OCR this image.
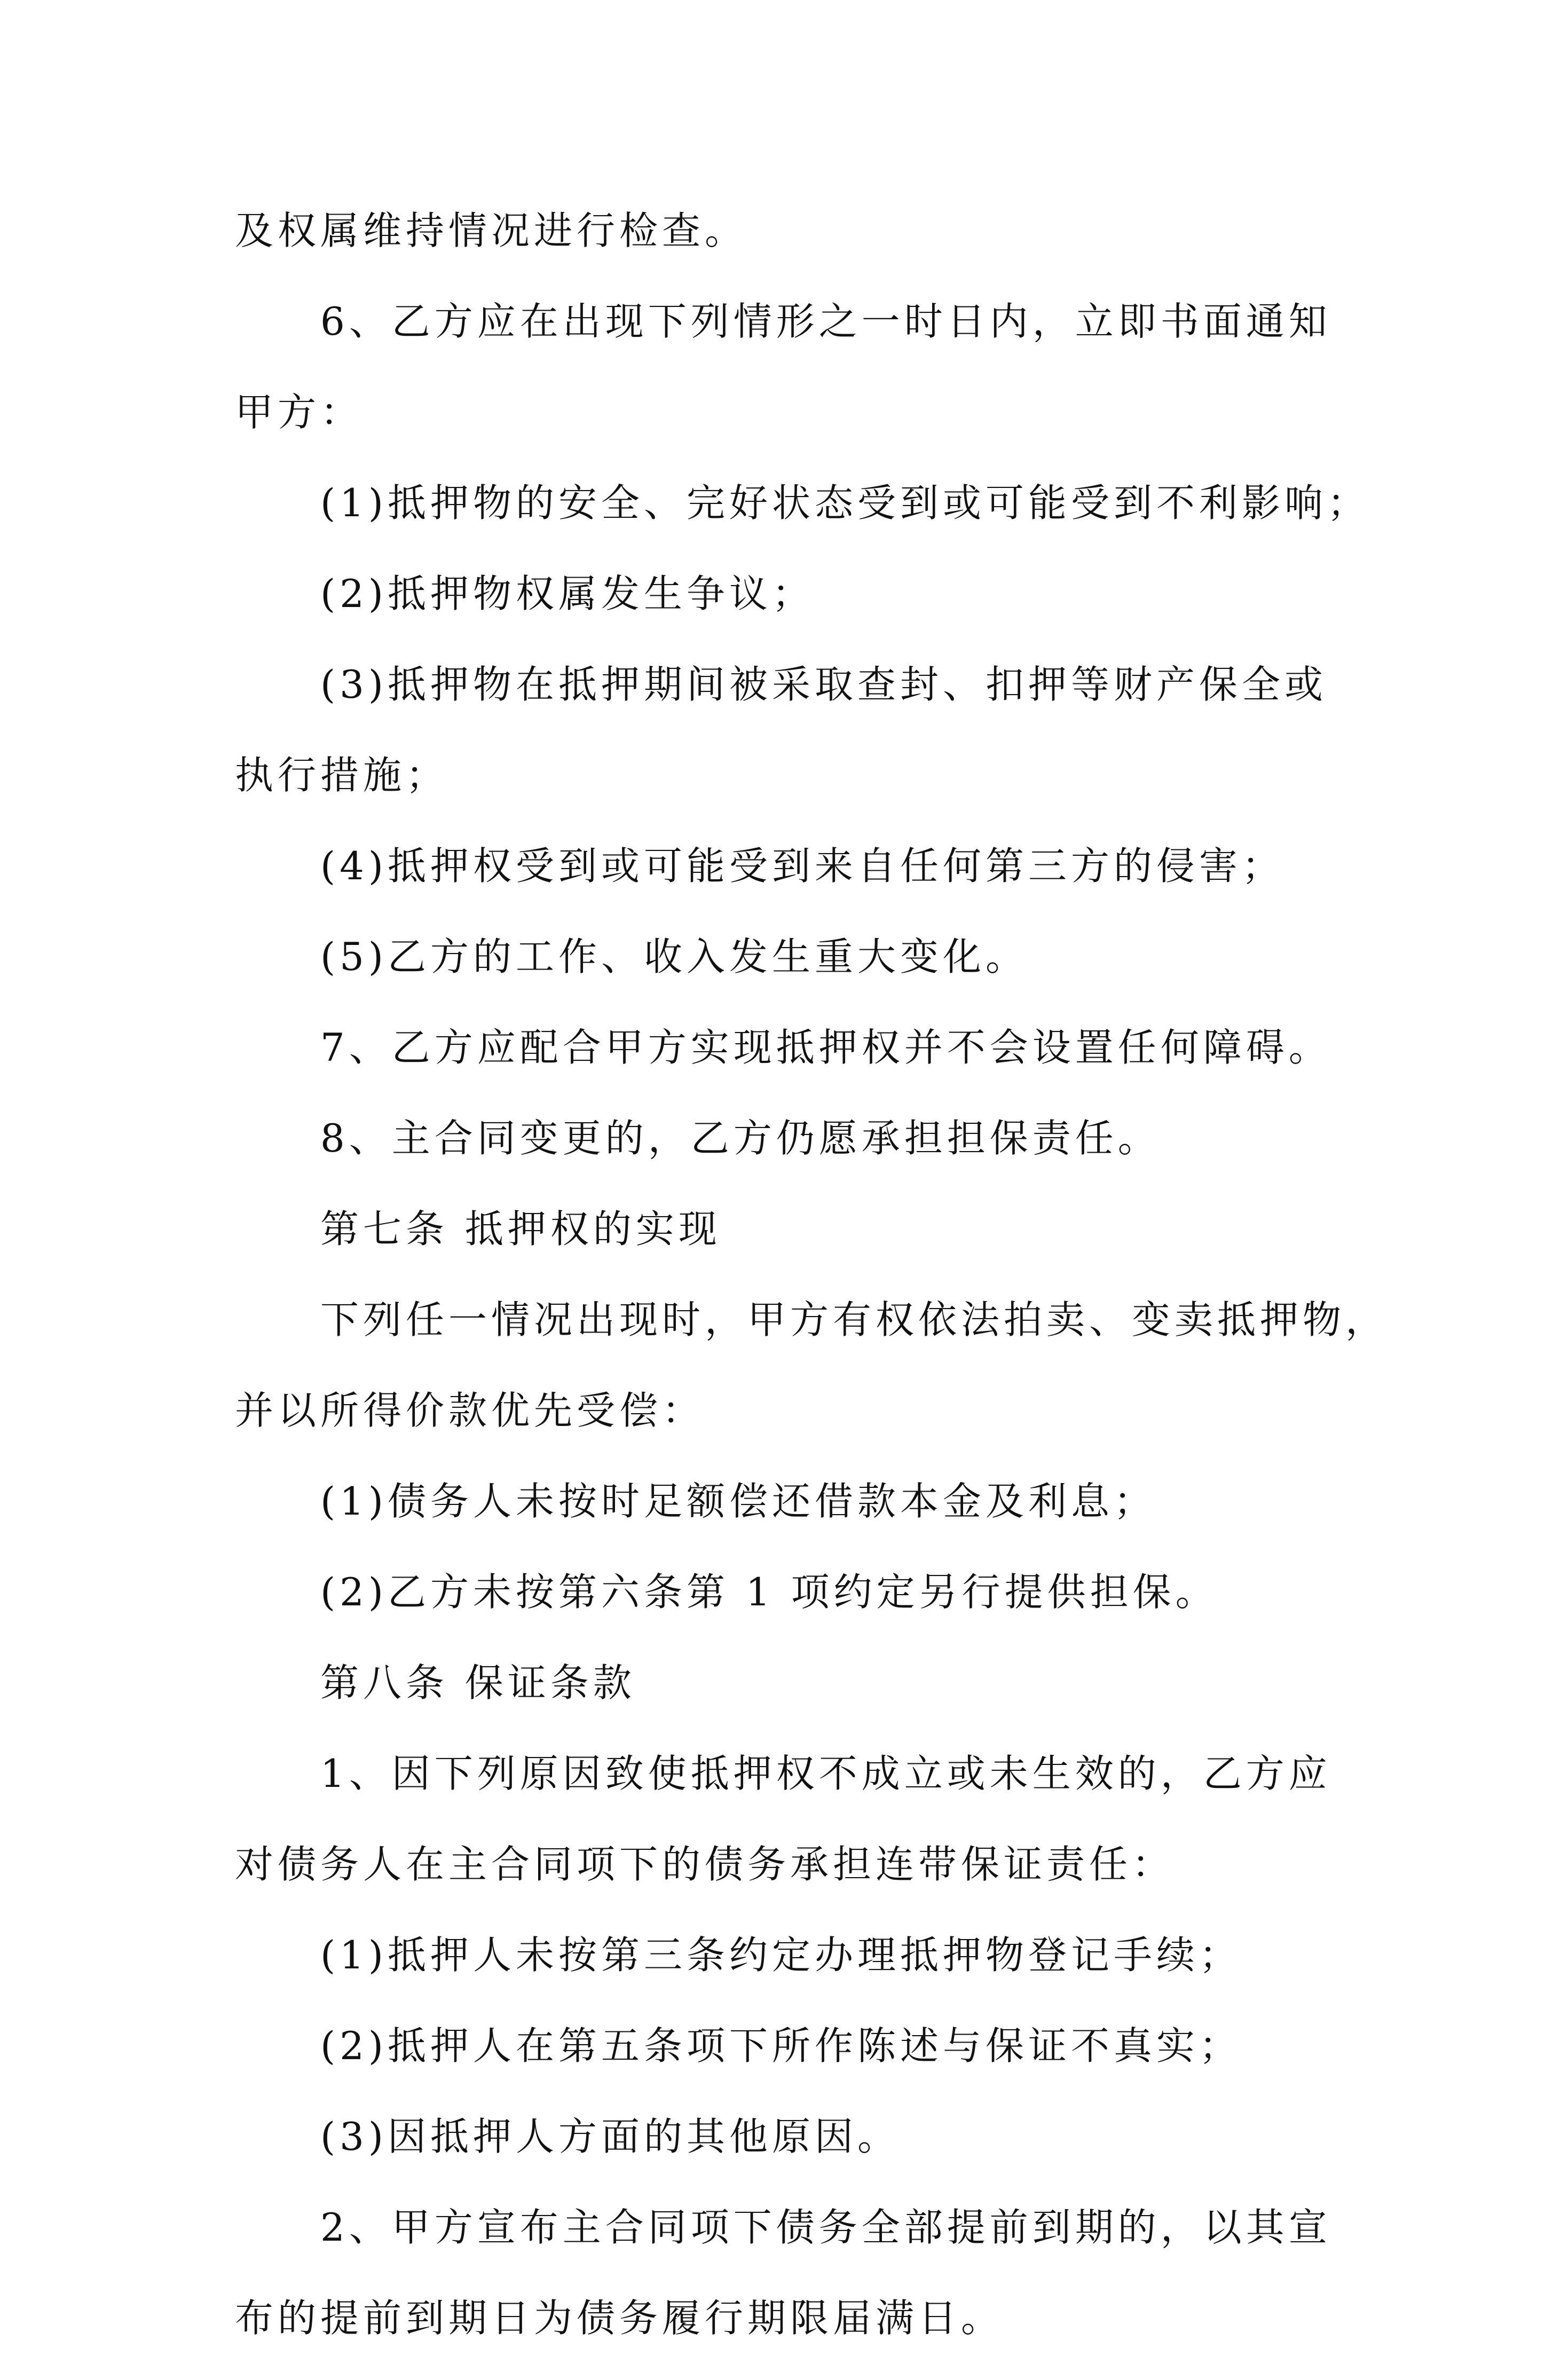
及权属维持情况进行检查。
6、乙方应在出现下列情形之一时日内，立即书面通知
甲方：
(1)抵押物的安全、完好状态受到或可能受到不利影响；
(2)抵押物权属发生争议；
(3)抵押物在抵押期间被采取查封、扣押等财产保全或
执行措施；
(4)抵押权受到或可能受到来自任何第三方的侵害；
(5)乙方的工作、收入发生重大变化。
7、乙方应配合甲方实现抵押权并不会设置任何障碍。
8、主合同变更的，乙方仍愿承担担保责任。
第七条 抵押权的实现
下列任一情况出现时，甲方有权依法拍卖、变卖抵押物，
并以所得价款优先受偿：
(1)债务人未按时足额偿还借款本金及利息；
(2)乙方未按第六条第 1 项约定另行提供担保。
第八条 保证条款
1、因下列原因致使抵押权不成立或未生效的，乙方应
对债务人在主合同项下的债务承担连带保证责任：
(1)抵押人未按第三条约定办理抵押物登记手续；
(2)抵押人在第五条项下所作陈述与保证不真实；
(3)因抵押人方面的其他原因。
2、甲方宣布主合同项下债务全部提前到期的，以其宣
布的提前到期日为债务履行期限届满日。
